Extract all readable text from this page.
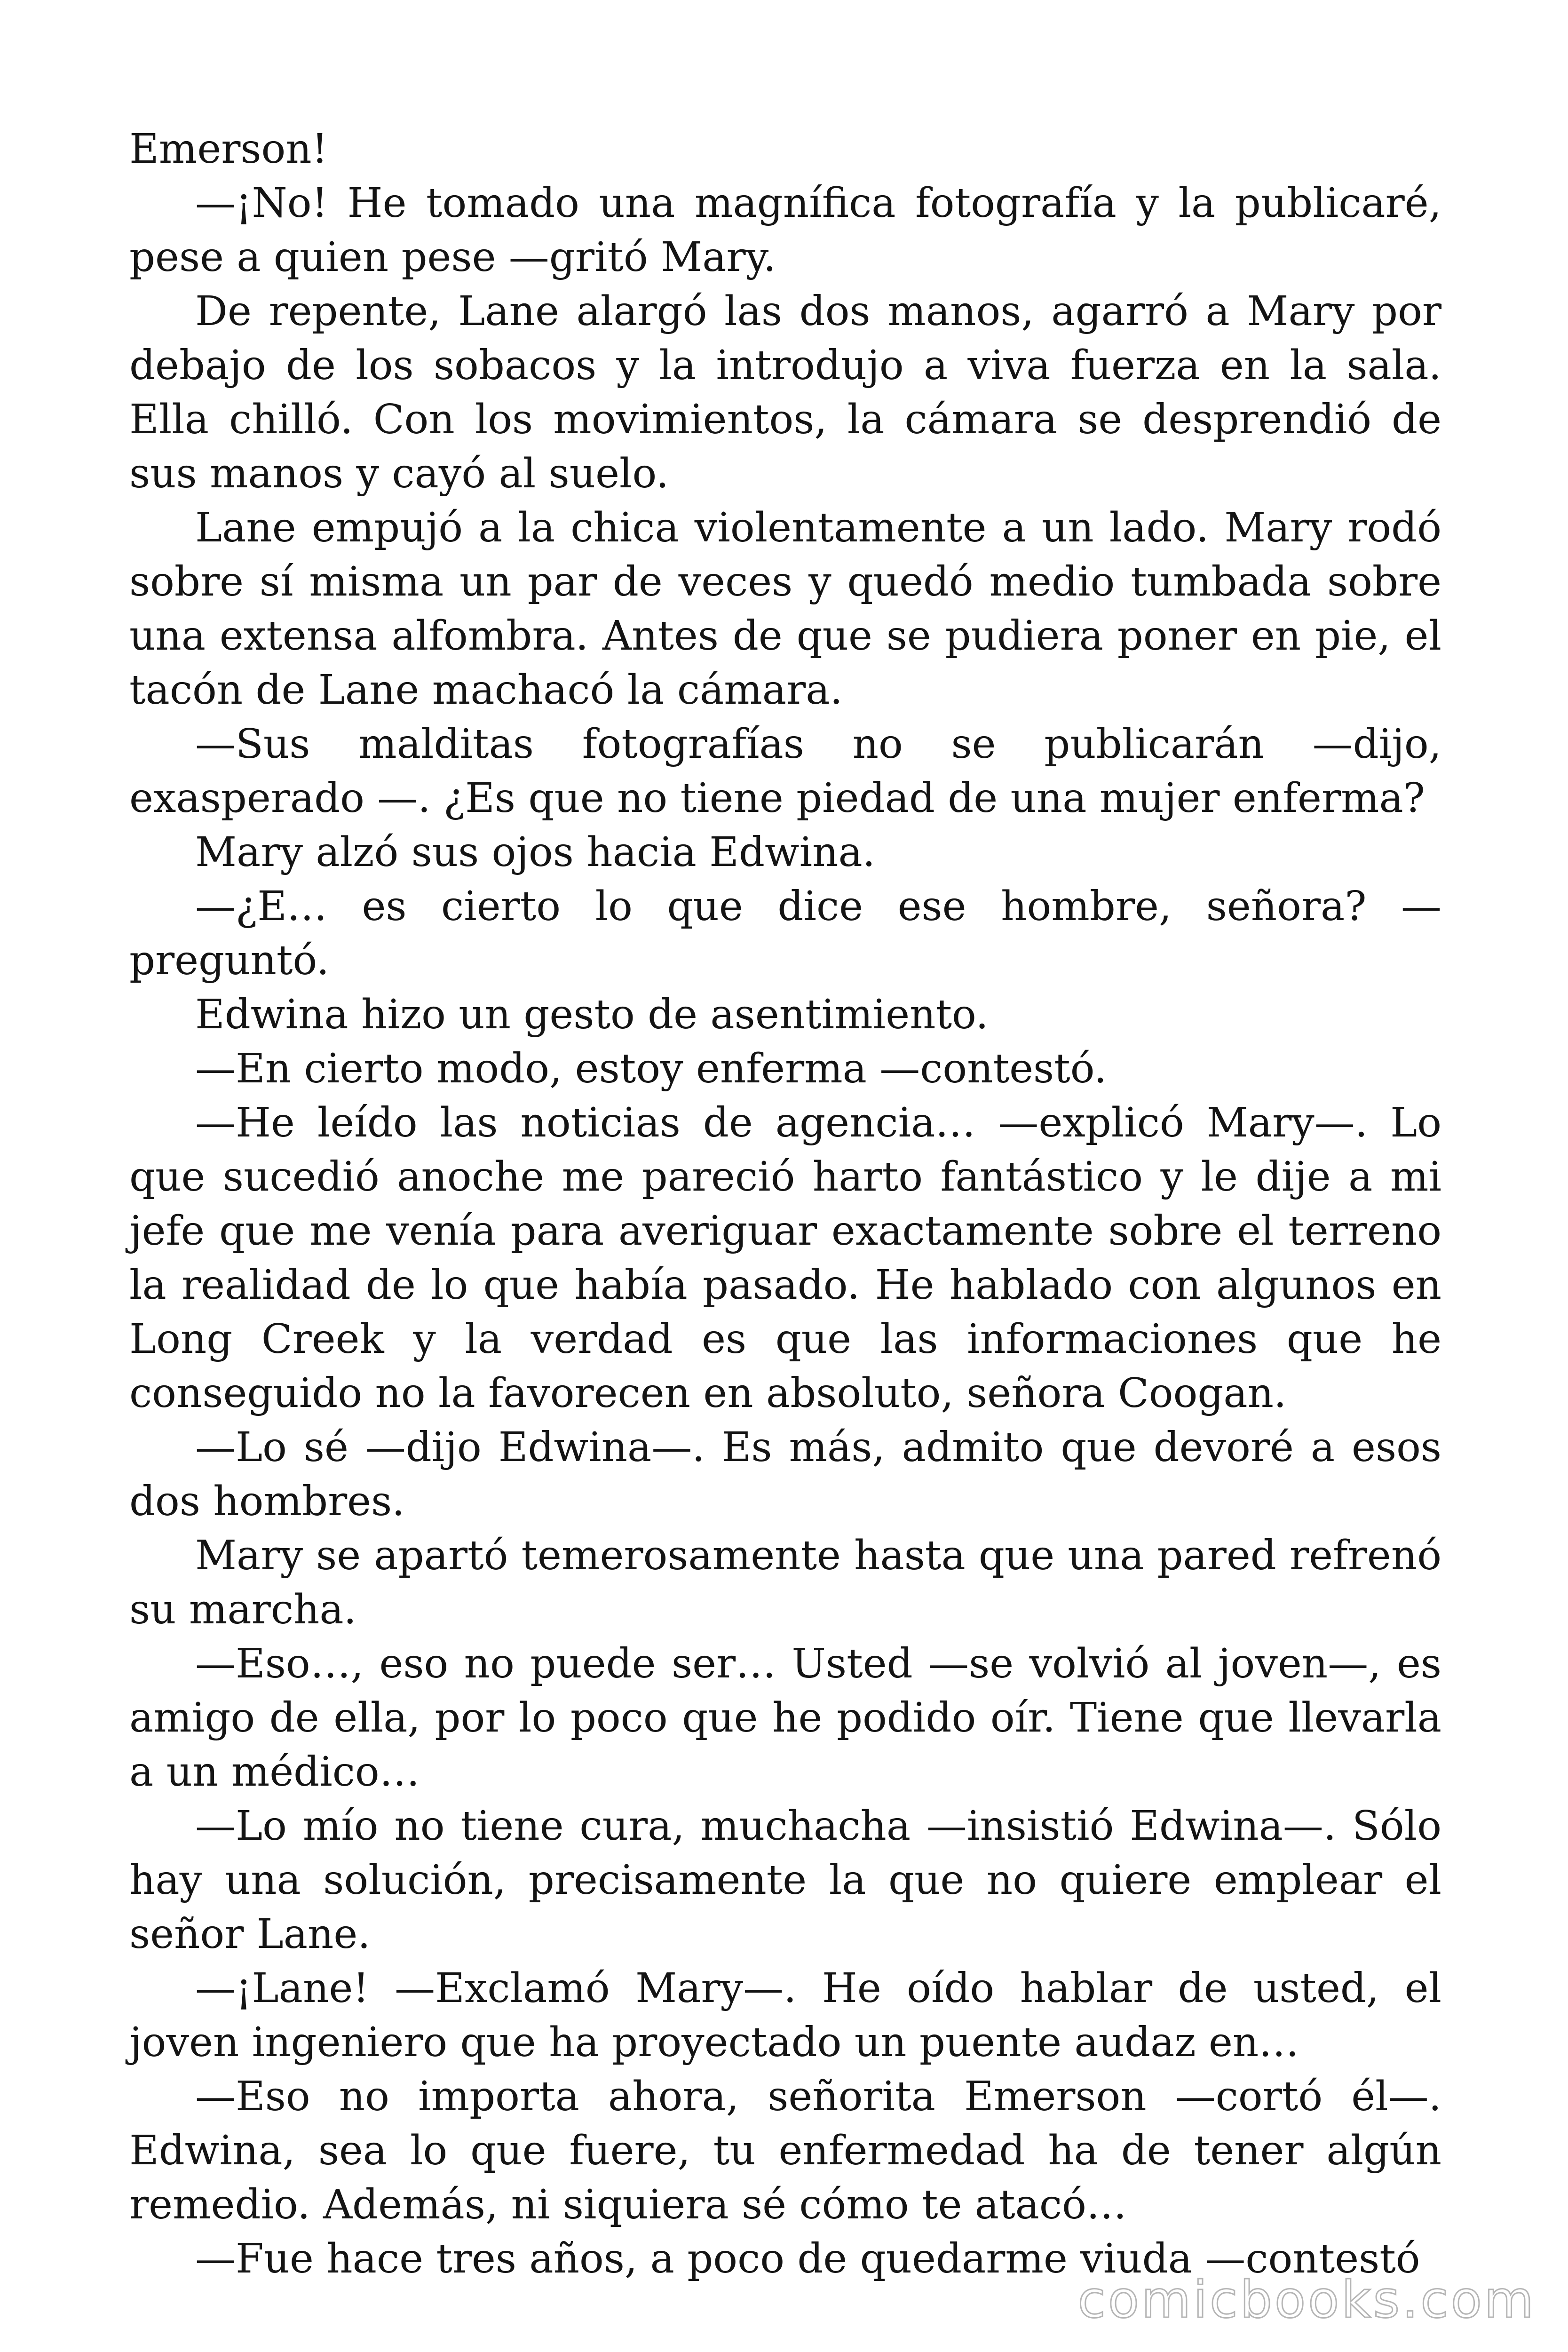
Emerson!

—¡No! He tomado una magnífica fotografía y la publicaré, pese a quien pese —gritó Mary.

De repente, Lane alargó las dos manos, agarró a Mary por debajo de los sobacos y la introdujo a viva fuerza en la sala. Ella chilló. Con los movimientos, la cámara se desprendió de sus manos y cayó al suelo.

Lane empujó a la chica violentamente a un lado. Mary rodó sobre sí misma un par de veces y quedó medio tumbada sobre una extensa alfombra. Antes de que se pudiera poner en pie, el tacón de Lane machacó la cámara.

—Sus malditas fotografías no se publicarán —dijo, exasperado —. ¿Es que no tiene piedad de una mujer enferma?

Mary alzó sus ojos hacia Edwina.

—¿E… es cierto lo que dice ese hombre, señora? —preguntó.

Edwina hizo un gesto de asentimiento.

—En cierto modo, estoy enferma —contestó.

—He leído las noticias de agencia… —explicó Mary—. Lo que sucedió anoche me pareció harto fantástico y le dije a mi jefe que me venía para averiguar exactamente sobre el terreno la realidad de lo que había pasado. He hablado con algunos en Long Creek y la verdad es que las informaciones que he conseguido no la favorecen en absoluto, señora Coogan.

—Lo sé —dijo Edwina—. Es más, admito que devoré a esos dos hombres.

Mary se apartó temerosamente hasta que una pared refrenó su marcha.

—Eso…, eso no puede ser… Usted —se volvió al joven—, es amigo de ella, por lo poco que he podido oír. Tiene que llevarla a un médico…

—Lo mío no tiene cura, muchacha —insistió Edwina—. Sólo hay una solución, precisamente la que no quiere emplear el señor Lane.

—¡Lane! —Exclamó Mary—. He oído hablar de usted, el joven ingeniero que ha proyectado un puente audaz en…

—Eso no importa ahora, señorita Emerson —cortó él—. Edwina, sea lo que fuere, tu enfermedad ha de tener algún remedio. Además, ni siquiera sé cómo te atacó…

—Fue hace tres años, a poco de quedarme viuda —contestó

comicbooks.com
